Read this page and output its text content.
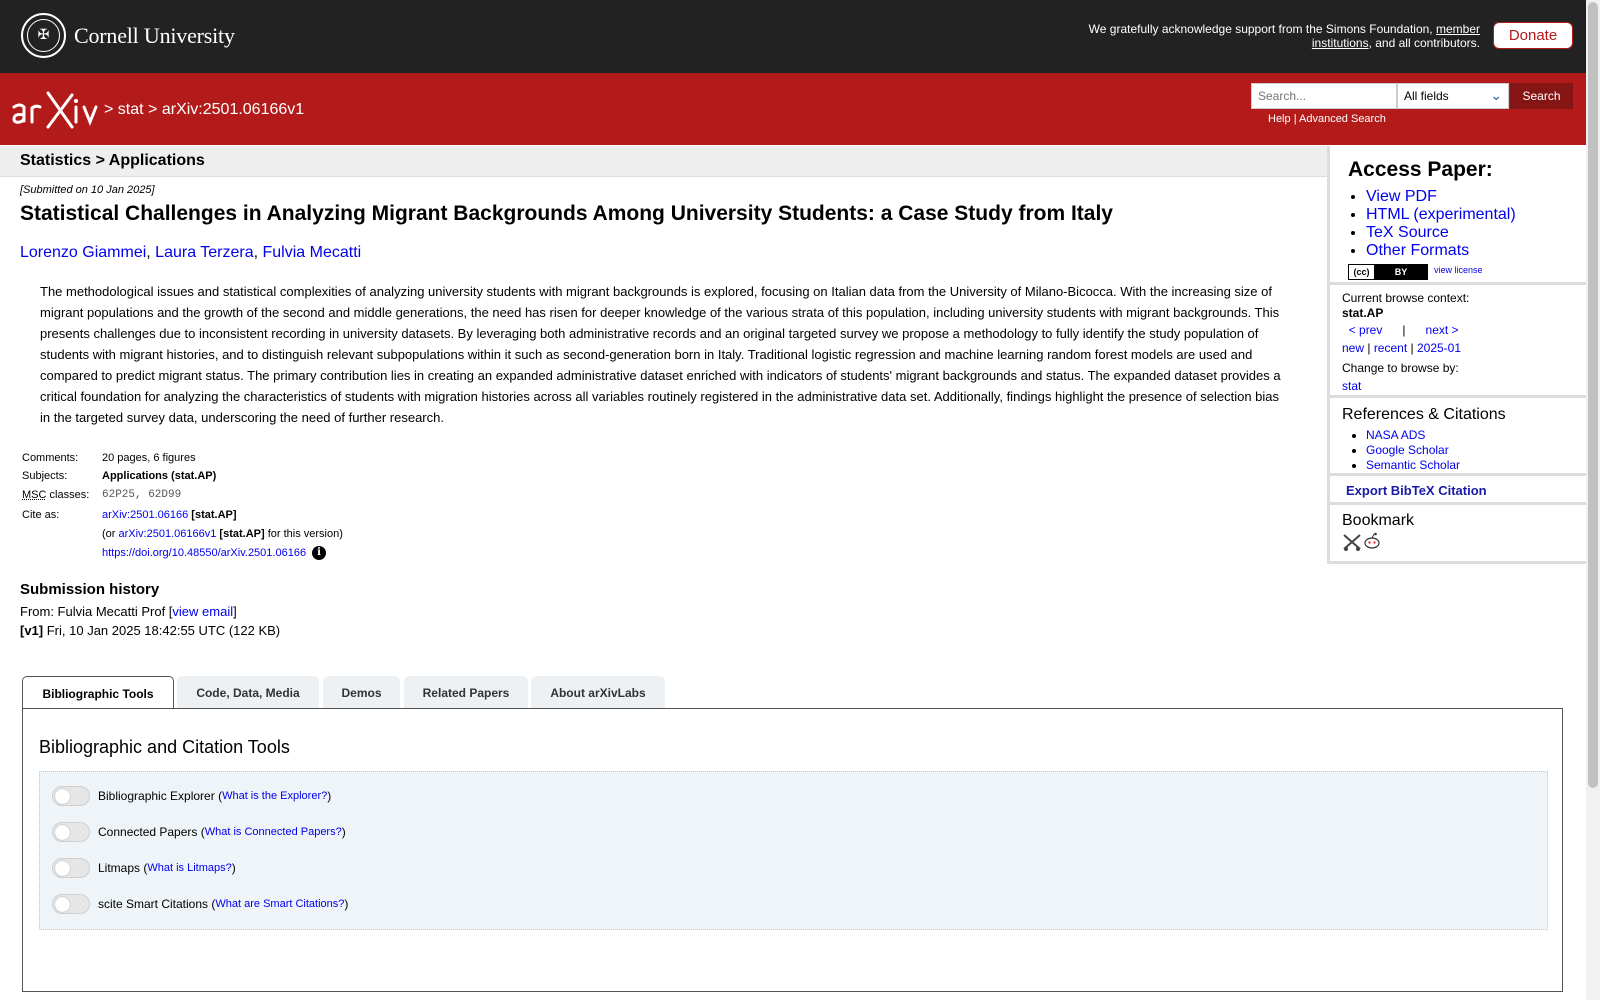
✠	Cornell University	We gratefully acknowledge support from the Simons Foundation, member institutions, and all contributors.	Donate
> stat > arXiv:2501.06166v1
Search...
All fields	⌄	Search
Help | Advanced Search
Statistics > Applications
[Submitted on 10 Jan 2025]
Statistical Challenges in Analyzing Migrant Backgrounds Among University Students: a Case Study from Italy
Lorenzo Giammei, Laura Terzera, Fulvia Mecatti
The methodological issues and statistical complexities of analyzing university students with migrant backgrounds is explored, focusing on Italian data from the University of Milano-Bicocca. With the increasing size of migrant populations and the growth of the second and middle generations, the need has risen for deeper knowledge of the various strata of this population, including university students with migrant backgrounds. This presents challenges due to inconsistent recording in university datasets. By leveraging both administrative records and an original targeted survey we propose a methodology to fully identify the study population of students with migrant histories, and to distinguish relevant subpopulations within it such as second-generation born in Italy. Traditional logistic regression and machine learning random forest models are used and compared to predict migrant status. The primary contribution lies in creating an expanded administrative dataset enriched with indicators of students' migrant backgrounds and status. The expanded dataset provides a critical foundation for analyzing the characteristics of students with migration histories across all variables routinely registered in the administrative data set. Additionally, findings highlight the presence of selection bias in the targeted survey data, underscoring the need of further research.
Comments:	20 pages, 6 figures
Subjects:	Applications (stat.AP)
MSC classes:	62P25, 62D99
Cite as:	arXiv:2501.06166 [stat.AP]
(or arXiv:2501.06166v1 [stat.AP] for this version)
https://doi.org/10.48550/arXiv.2501.06166 i
Submission history
From: Fulvia Mecatti Prof [view email]
[v1] Fri, 10 Jan 2025 18:42:55 UTC (122 KB)
Bibliographic Tools	Code, Data, Media	Demos	Related Papers	About arXivLabs
Bibliographic and Citation Tools
Bibliographic Explorer ( What is the Explorer? )
Connected Papers ( What is Connected Papers? )
Litmaps ( What is Litmaps? )
scite Smart Citations ( What are Smart Citations? )
Access Paper:
• View PDF
• HTML (experimental)
• TeX Source
• Other Formats
(cc)	BY	view license
Current browse context:
stat.AP
< prev | next >
new | recent | 2025-01
Change to browse by:
stat
References & Citations
• NASA ADS
• Google Scholar
• Semantic Scholar
Export BibTeX Citation
Bookmark
